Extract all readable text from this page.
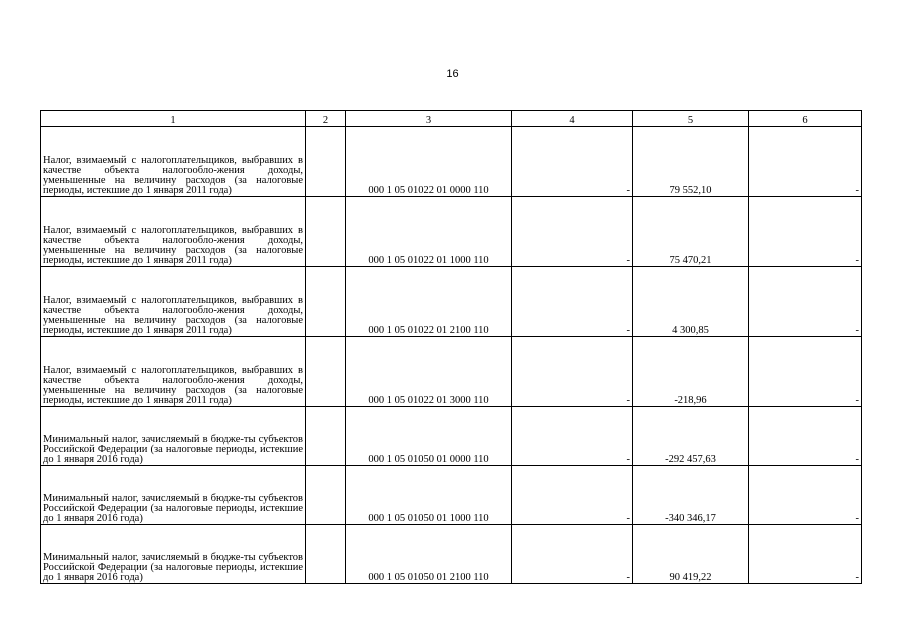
16
1	2	3	4	5	6
Налог, взимаемый с налогоплательщиков, выбравших в качестве объекта налогообло-жения доходы, уменьшенные на величину расходов (за налоговые периоды, истекшие до 1 января 2011 года)		000 1 05 01022 01 0000 110	-	79 552,10	-
Налог, взимаемый с налогоплательщиков, выбравших в качестве объекта налогообло-жения доходы, уменьшенные на величину расходов (за налоговые периоды, истекшие до 1 января 2011 года)		000 1 05 01022 01 1000 110	-	75 470,21	-
Налог, взимаемый с налогоплательщиков, выбравших в качестве объекта налогообло-жения доходы, уменьшенные на величину расходов (за налоговые периоды, истекшие до 1 января 2011 года)		000 1 05 01022 01 2100 110	-	4 300,85	-
Налог, взимаемый с налогоплательщиков, выбравших в качестве объекта налогообло-жения доходы, уменьшенные на величину расходов (за налоговые периоды, истекшие до 1 января 2011 года)		000 1 05 01022 01 3000 110	-	-218,96	-
Минимальный налог, зачисляемый в бюдже-ты субъектов Российской Федерации (за налоговые периоды, истекшие до 1 января 2016 года)		000 1 05 01050 01 0000 110	-	-292 457,63	-
Минимальный налог, зачисляемый в бюдже-ты субъектов Российской Федерации (за налоговые периоды, истекшие до 1 января 2016 года)		000 1 05 01050 01 1000 110	-	-340 346,17	-
Минимальный налог, зачисляемый в бюдже-ты субъектов Российской Федерации (за налоговые периоды, истекшие до 1 января 2016 года)		000 1 05 01050 01 2100 110	-	90 419,22	-
